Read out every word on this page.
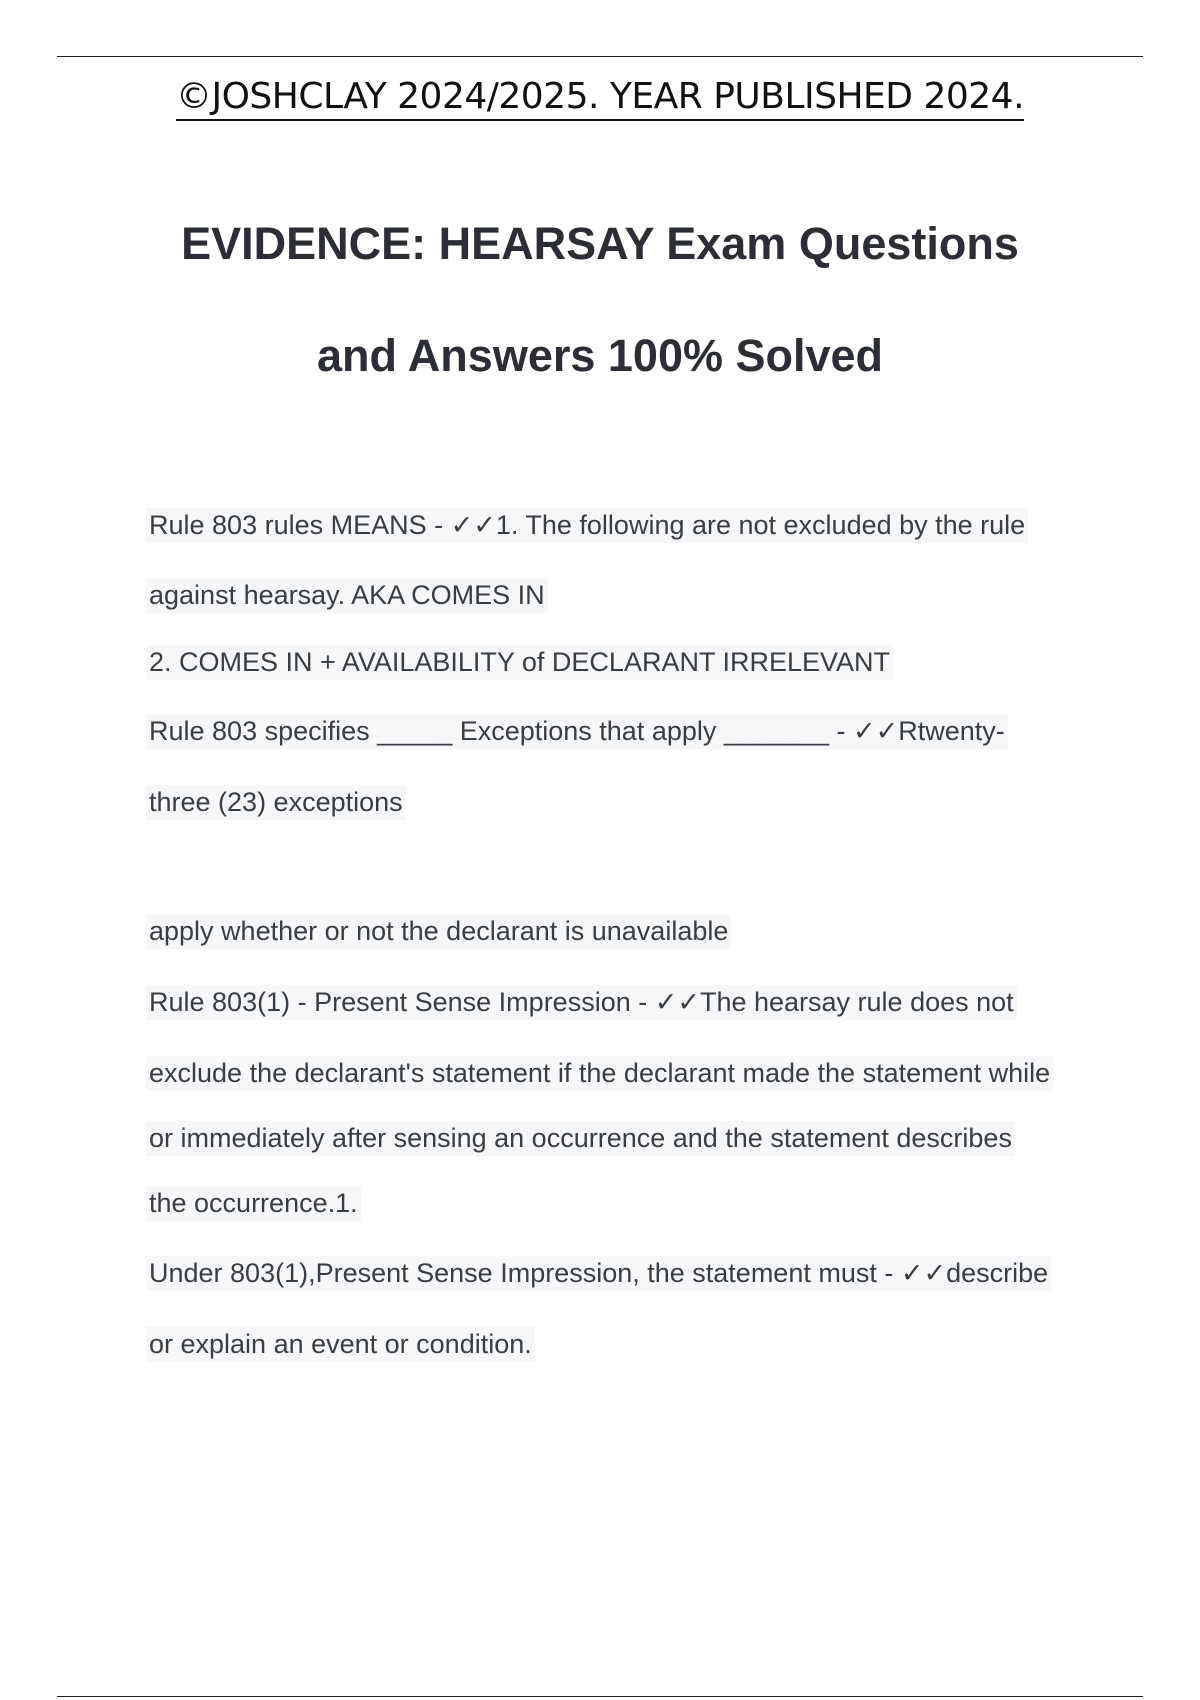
©JOSHCLAY 2024/2025. YEAR PUBLISHED 2024.
EVIDENCE: HEARSAY Exam Questions
and Answers 100% Solved
Rule 803 rules MEANS - ✓✓1. The following are not excluded by the rule
against hearsay. AKA COMES IN
2. COMES IN + AVAILABILITY of DECLARANT IRRELEVANT
Rule 803 specifies _____ Exceptions that apply _______ - ✓✓Rtwenty-
three (23) exceptions
apply whether or not the declarant is unavailable
Rule 803(1) - Present Sense Impression - ✓✓The hearsay rule does not
exclude the declarant's statement if the declarant made the statement while
or immediately after sensing an occurrence and the statement describes
the occurrence.1.
Under 803(1),Present Sense Impression, the statement must - ✓✓describe
or explain an event or condition.
